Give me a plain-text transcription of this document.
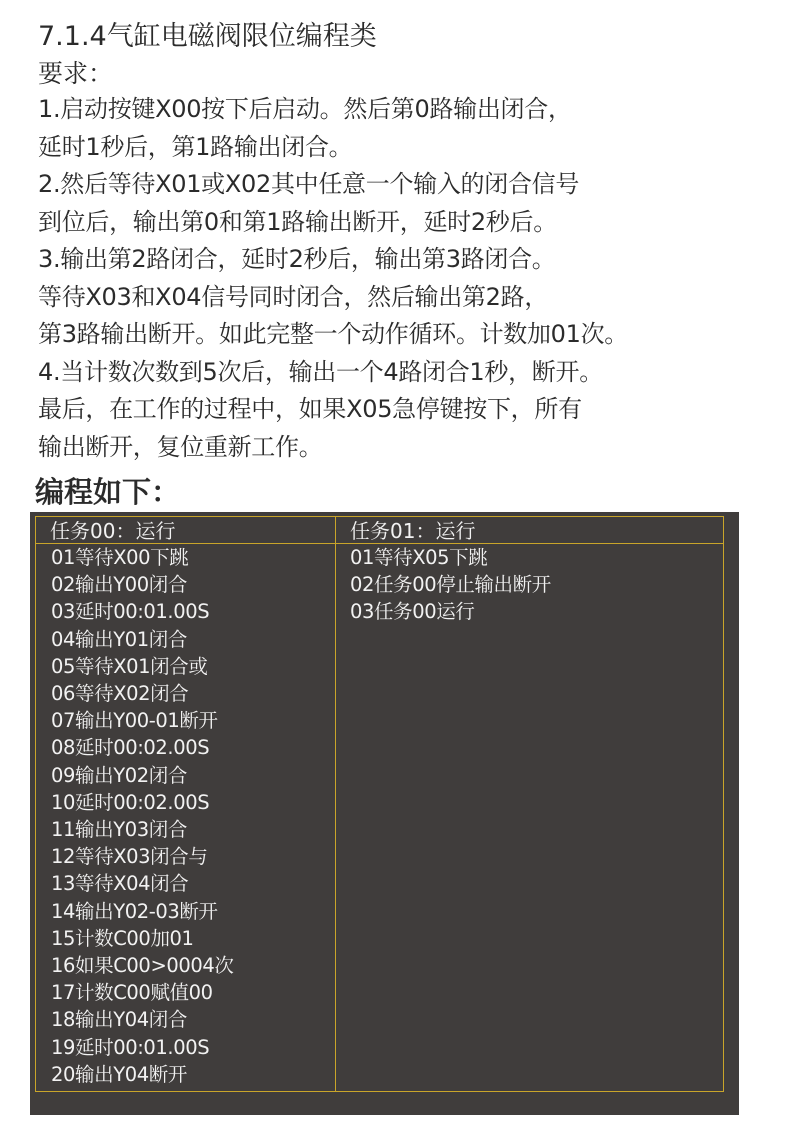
7.1.4气缸电磁阀限位编程类

要求：

1.启动按键X00按下后启动。然后第0路输出闭合，
延时1秒后，第1路输出闭合。
2.然后等待X01或X02其中任意一个输入的闭合信号
到位后，输出第0和第1路输出断开，延时2秒后。
3.输出第2路闭合，延时2秒后，输出第3路闭合。
等待X03和X04信号同时闭合，然后输出第2路，
第3路输出断开。如此完整一个动作循环。计数加01次。
4.当计数次数到5次后，输出一个4路闭合1秒，断开。
最后，在工作的过程中，如果X05急停键按下，所有
输出断开，复位重新工作。
编程如下：
任务00：运行
01等待X00下跳
02输出Y00闭合
03延时00:01.00S
04输出Y01闭合
05等待X01闭合或
06等待X02闭合
07输出Y00-01断开
08延时00:02.00S
09输出Y02闭合
10延时00:02.00S
11输出Y03闭合
12等待X03闭合与
13等待X04闭合
14输出Y02-03断开
15计数C00加01
16如果C00>0004次
17计数C00赋值00
18输出Y04闭合
19延时00:01.00S
20输出Y04断开
任务01：运行
01等待X05下跳
02任务00停止输出断开
03任务00运行
